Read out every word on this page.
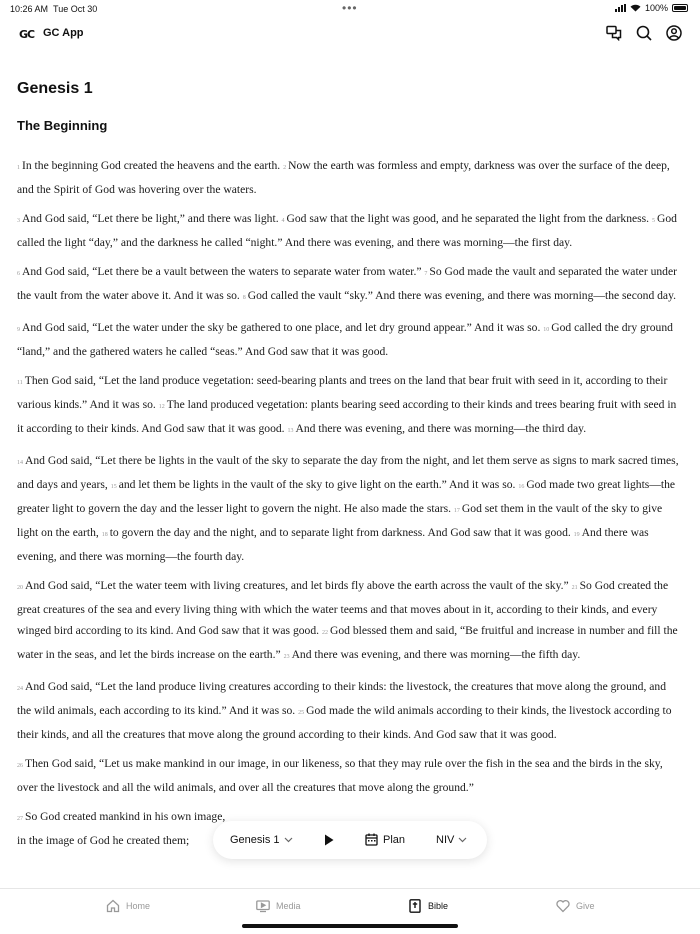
10:26 AM Tue Oct 30	•••	100%
GC GC App
Genesis 1
The Beginning

1 In the beginning God created the heavens and the earth. 2 Now the earth was formless and empty, darkness was over the surface of the deep, and the Spirit of God was hovering over the waters.

3 And God said, “Let there be light,” and there was light. 4 God saw that the light was good, and he separated the light from the darkness. 5 God called the light “day,” and the darkness he called “night.” And there was evening, and there was morning—the first day.

6 And God said, “Let there be a vault between the waters to separate water from water.” 7 So God made the vault and separated the water under the vault from the water above it. And it was so. 8 God called the vault “sky.” And there was evening, and there was morning—the second day.

9 And God said, “Let the water under the sky be gathered to one place, and let dry ground appear.” And it was so. 10 God called the dry ground “land,” and the gathered waters he called “seas.” And God saw that it was good.

11 Then God said, “Let the land produce vegetation: seed-bearing plants and trees on the land that bear fruit with seed in it, according to their various kinds.” And it was so. 12 The land produced vegetation: plants bearing seed according to their kinds and trees bearing fruit with seed in it according to their kinds. And God saw that it was good. 13 And there was evening, and there was morning—the third day.

14 And God said, “Let there be lights in the vault of the sky to separate the day from the night, and let them serve as signs to mark sacred times, and days and years, 15 and let them be lights in the vault of the sky to give light on the earth.” And it was so. 16 God made two great lights—the greater light to govern the day and the lesser light to govern the night. He also made the stars. 17 God set them in the vault of the sky to give light on the earth, 18 to govern the day and the night, and to separate light from darkness. And God saw that it was good. 19 And there was evening, and there was morning—the fourth day.

20 And God said, “Let the water teem with living creatures, and let birds fly above the earth across the vault of the sky.” 21 So God created the great creatures of the sea and every living thing with which the water teems and that moves about in it, according to their kinds, and every winged bird according to its kind. And God saw that it was good. 22 God blessed them and said, “Be fruitful and increase in number and fill the water in the seas, and let the birds increase on the earth.” 23 And there was evening, and there was morning—the fifth day.

24 And God said, “Let the land produce living creatures according to their kinds: the livestock, the creatures that move along the ground, and the wild animals, each according to its kind.” And it was so. 25 God made the wild animals according to their kinds, the livestock according to their kinds, and all the creatures that move along the ground according to their kinds. And God saw that it was good.

26 Then God said, “Let us make mankind in our image, in our likeness, so that they may rule over the fish in the sea and the birds in the sky, over the livestock and all the wild animals, and over all the creatures that move along the ground.”

27 So God created mankind in his own image,
in the image of God he created them;	Genesis 1	Plan	NIV
Home	Media	Bible	Give
